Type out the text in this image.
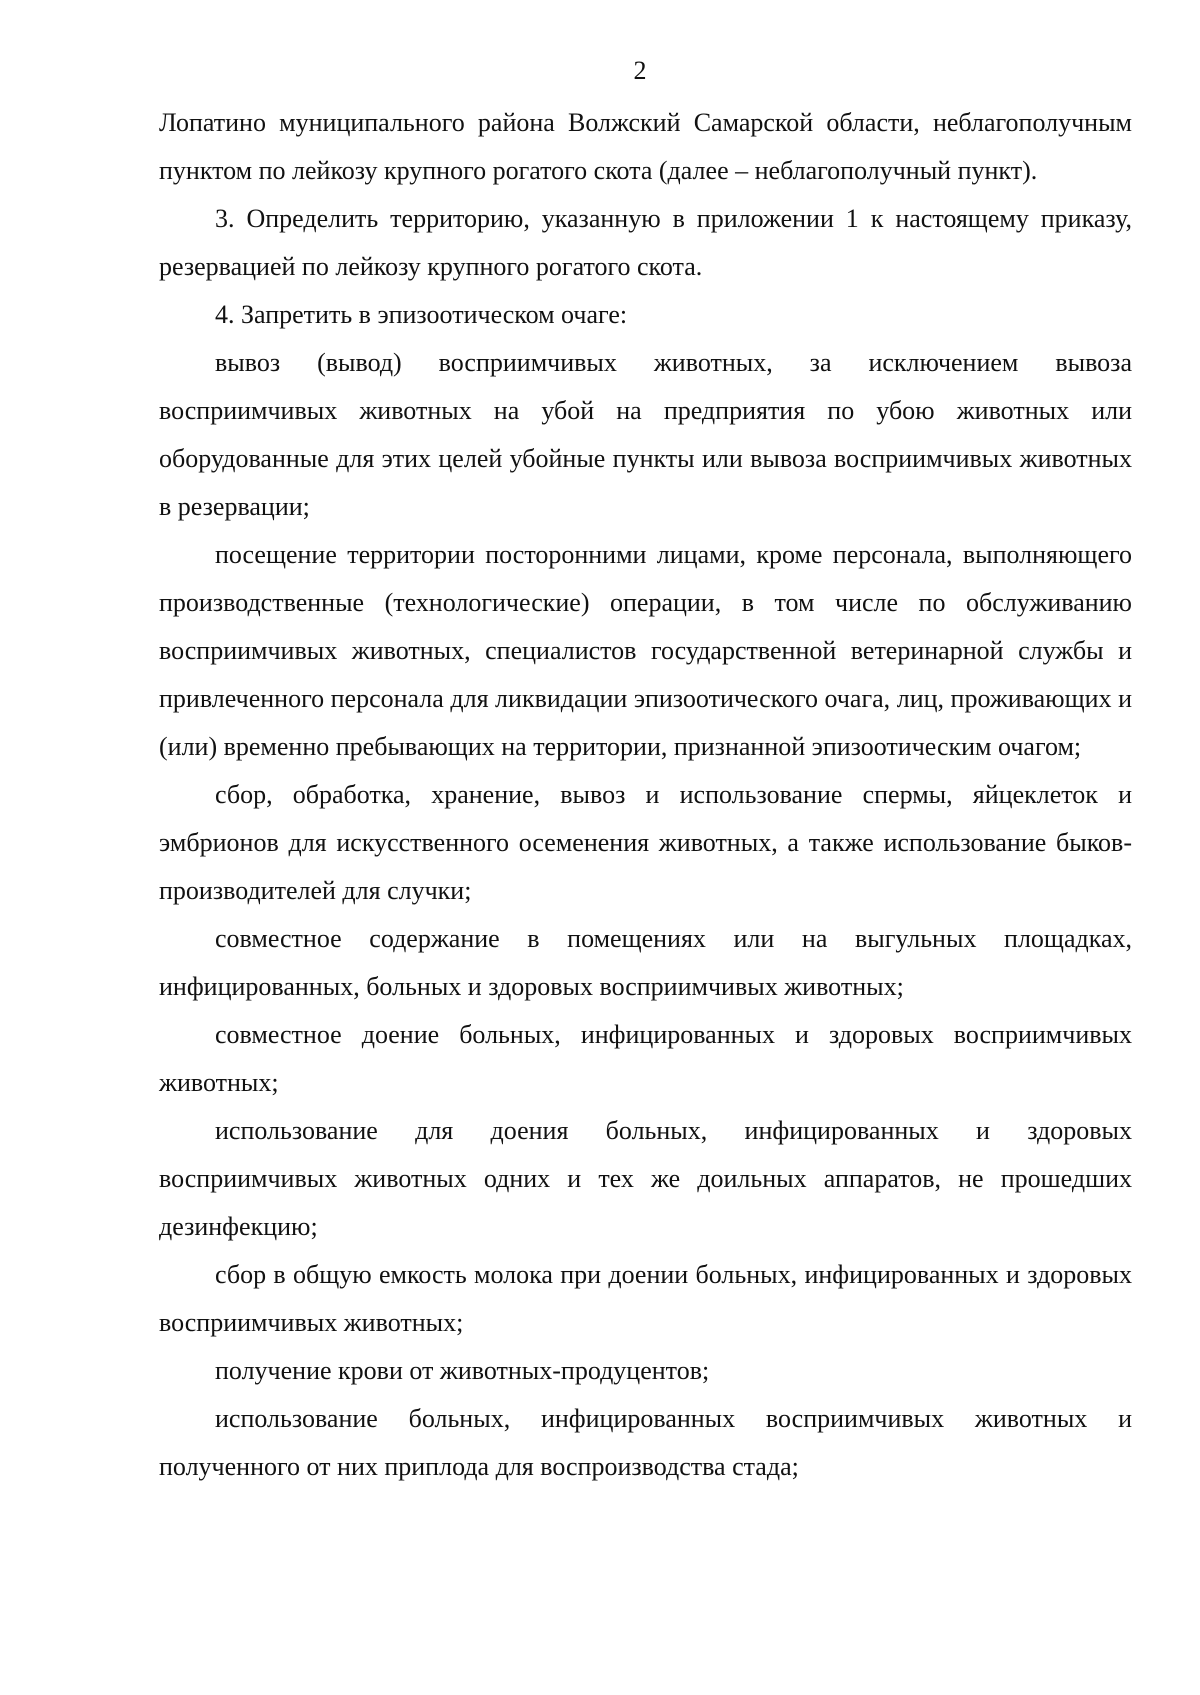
2

Лопатино муниципального района Волжский Самарской области, неблагополучным пунктом по лейкозу крупного рогатого скота (далее – неблагополучный пункт).

3. Определить территорию, указанную в приложении 1 к настоящему приказу, резервацией по лейкозу крупного рогатого скота.

4. Запретить в эпизоотическом очаге:

вывоз (вывод) восприимчивых животных, за исключением вывоза восприимчивых животных на убой на предприятия по убою животных или оборудованные для этих целей убойные пункты или вывоза восприимчивых животных в резервации;

посещение территории посторонними лицами, кроме персонала, выполняющего производственные (технологические) операции, в том числе по обслуживанию восприимчивых животных, специалистов государственной ветеринарной службы и привлеченного персонала для ликвидации эпизоотического очага, лиц, проживающих и (или) временно пребывающих на территории, признанной эпизоотическим очагом;

сбор, обработка, хранение, вывоз и использование спермы, яйцеклеток и эмбрионов для искусственного осеменения животных, а также использование быков-производителей для случки;

совместное содержание в помещениях или на выгульных площадках, инфицированных, больных и здоровых восприимчивых животных;

совместное доение больных, инфицированных и здоровых восприимчивых животных;

использование для доения больных, инфицированных и здоровых восприимчивых животных одних и тех же доильных аппаратов, не прошедших дезинфекцию;

сбор в общую емкость молока при доении больных, инфицированных и здоровых восприимчивых животных;

получение крови от животных-продуцентов;

использование больных, инфицированных восприимчивых животных и полученного от них приплода для воспроизводства стада;
